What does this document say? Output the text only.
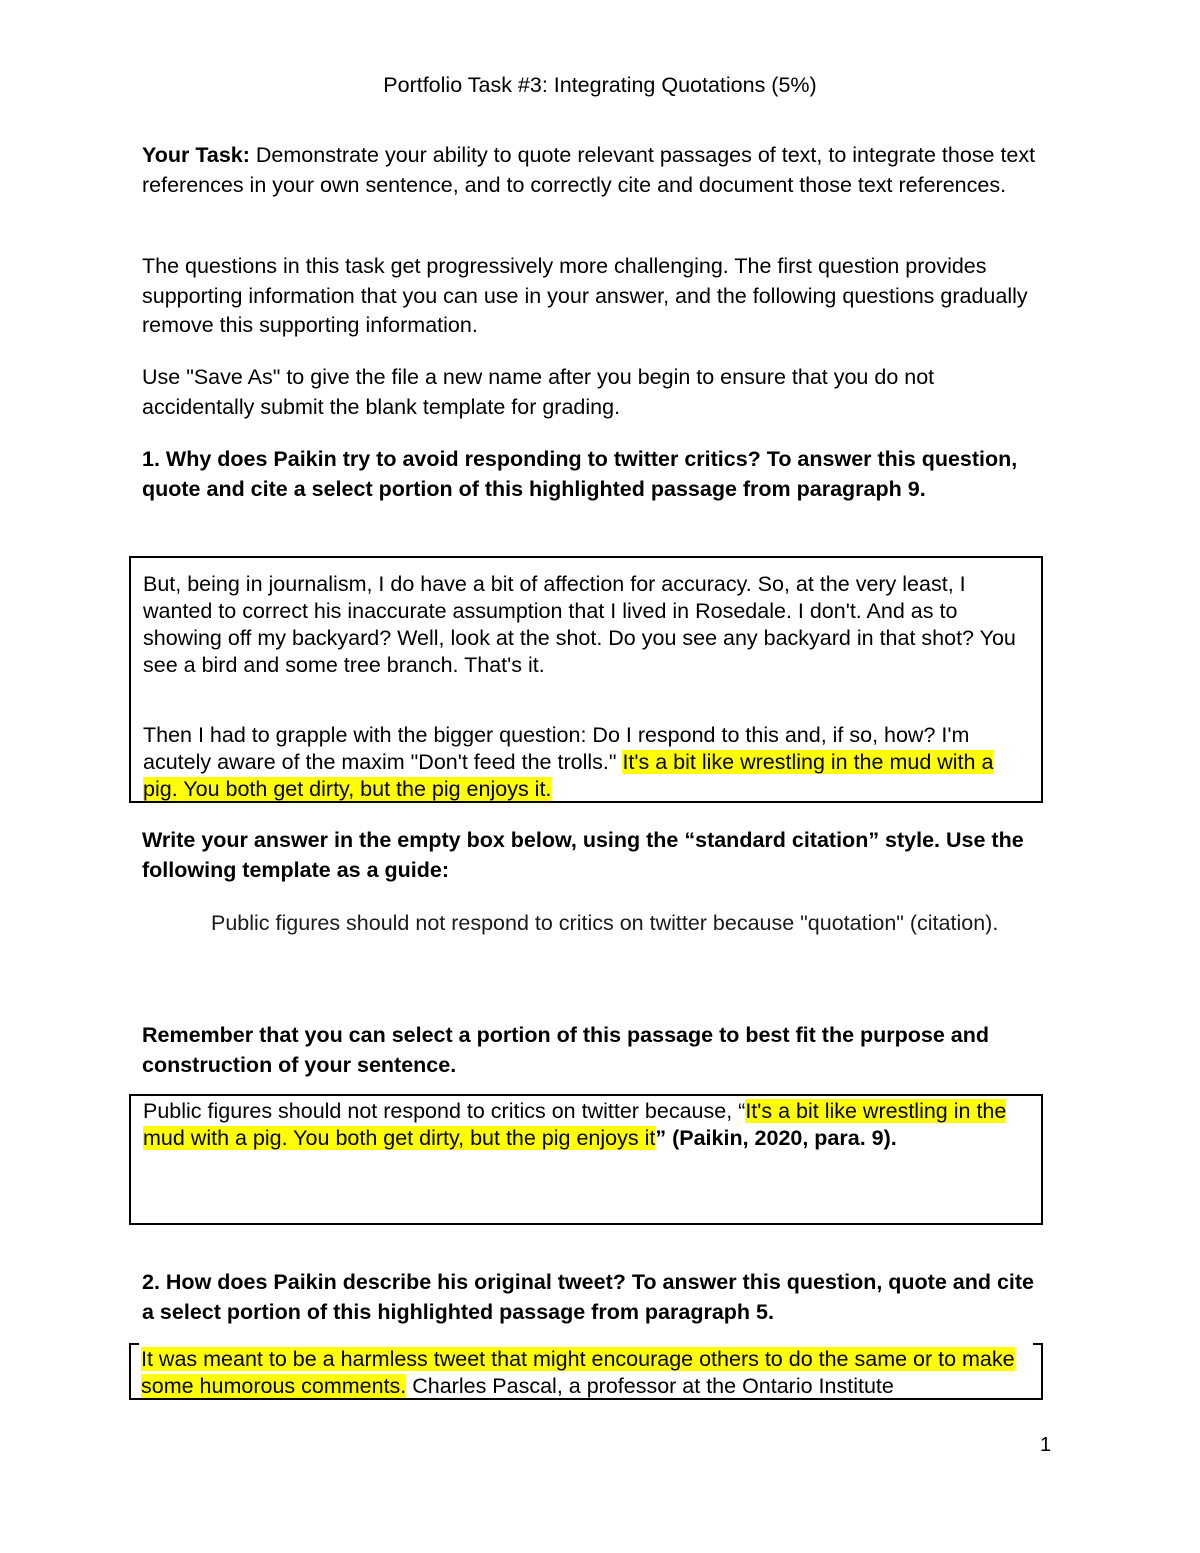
Portfolio Task #3: Integrating Quotations (5%)
Your Task: Demonstrate your ability to quote relevant passages of text, to integrate those text references in your own sentence, and to correctly cite and document those text references.
The questions in this task get progressively more challenging. The first question provides supporting information that you can use in your answer, and the following questions gradually remove this supporting information.
Use "Save As" to give the file a new name after you begin to ensure that you do not accidentally submit the blank template for grading.
1. Why does Paikin try to avoid responding to twitter critics? To answer this question, quote and cite a select portion of this highlighted passage from paragraph 9.
But, being in journalism, I do have a bit of affection for accuracy. So, at the very least, I wanted to correct his inaccurate assumption that I lived in Rosedale. I don't. And as to showing off my backyard? Well, look at the shot. Do you see any backyard in that shot? You see a bird and some tree branch. That's it.
Then I had to grapple with the bigger question: Do I respond to this and, if so, how? I'm acutely aware of the maxim "Don't feed the trolls." It's a bit like wrestling in the mud with a pig. You both get dirty, but the pig enjoys it.
Write your answer in the empty box below, using the “standard citation” style. Use the following template as a guide:
Public figures should not respond to critics on twitter because "quotation" (citation).
Remember that you can select a portion of this passage to best fit the purpose and construction of your sentence.
Public figures should not respond to critics on twitter because, “It's a bit like wrestling in the mud with a pig. You both get dirty, but the pig enjoys it” (Paikin, 2020, para. 9).
2. How does Paikin describe his original tweet? To answer this question, quote and cite a select portion of this highlighted passage from paragraph 5.
It was meant to be a harmless tweet that might encourage others to do the same or to make some humorous comments. Charles Pascal, a professor at the Ontario Institute
1
